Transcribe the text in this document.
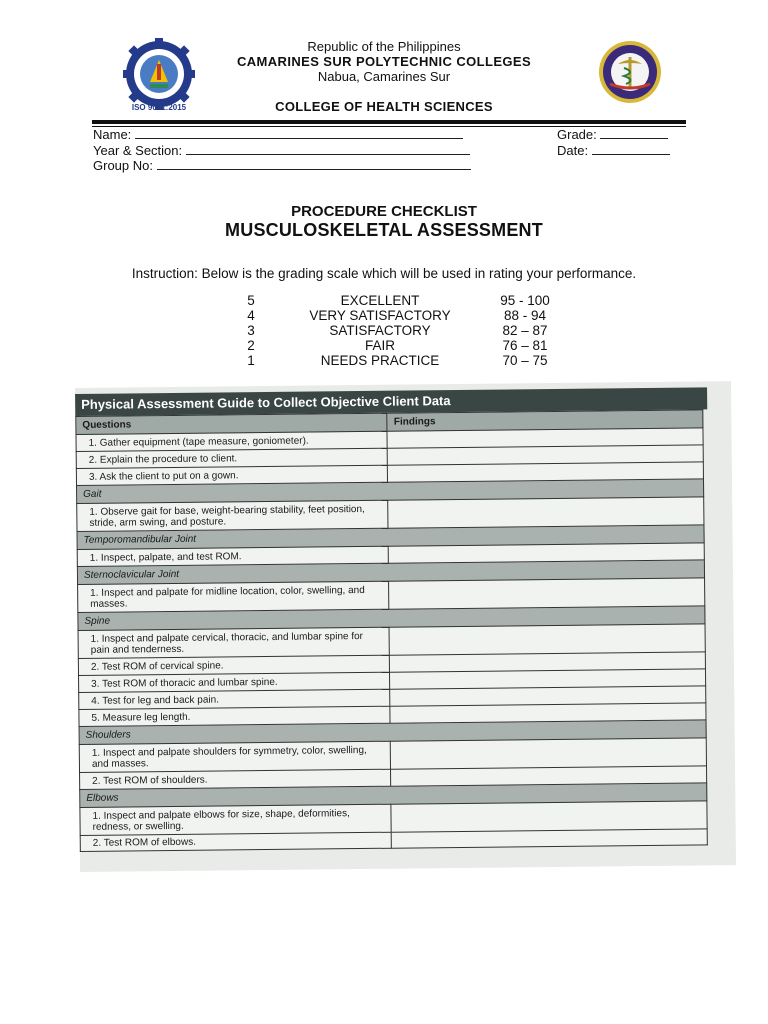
ISO 9001:2015
Republic of the Philippines
CAMARINES SUR POLYTECHNIC COLLEGES
Nabua, Camarines Sur
COLLEGE OF HEALTH SCIENCES
Name:
Year & Section:
Group No:
Grade:
Date:
PROCEDURE CHECKLIST
MUSCULOSKELETAL ASSESSMENT
Instruction: Below is the grading scale which will be used in rating your performance.
5	EXCELLENT	95 - 100
4	VERY SATISFACTORY	88 - 94
3	SATISFACTORY	82 – 87
2	FAIR	76 – 81
1	NEEDS PRACTICE	70 – 75
Physical Assessment Guide to Collect Objective Client Data
Questions	Findings
1. Gather equipment (tape measure, goniometer).	
2. Explain the procedure to client.	
3. Ask the client to put on a gown.	
Gait	
1. Observe gait for base, weight-bearing stability, feet position, stride, arm swing, and posture.	
Temporomandibular Joint	
1. Inspect, palpate, and test ROM.	
Sternoclavicular Joint	
1. Inspect and palpate for midline location, color, swelling, and masses.	
Spine	
1. Inspect and palpate cervical, thoracic, and lumbar spine for pain and tenderness.	
2. Test ROM of cervical spine.	
3. Test ROM of thoracic and lumbar spine.	
4. Test for leg and back pain.	
5. Measure leg length.	
Shoulders	
1. Inspect and palpate shoulders for symmetry, color, swelling, and masses.	
2. Test ROM of shoulders.	
Elbows	
1. Inspect and palpate elbows for size, shape, deformities, redness, or swelling.	
2. Test ROM of elbows.	
